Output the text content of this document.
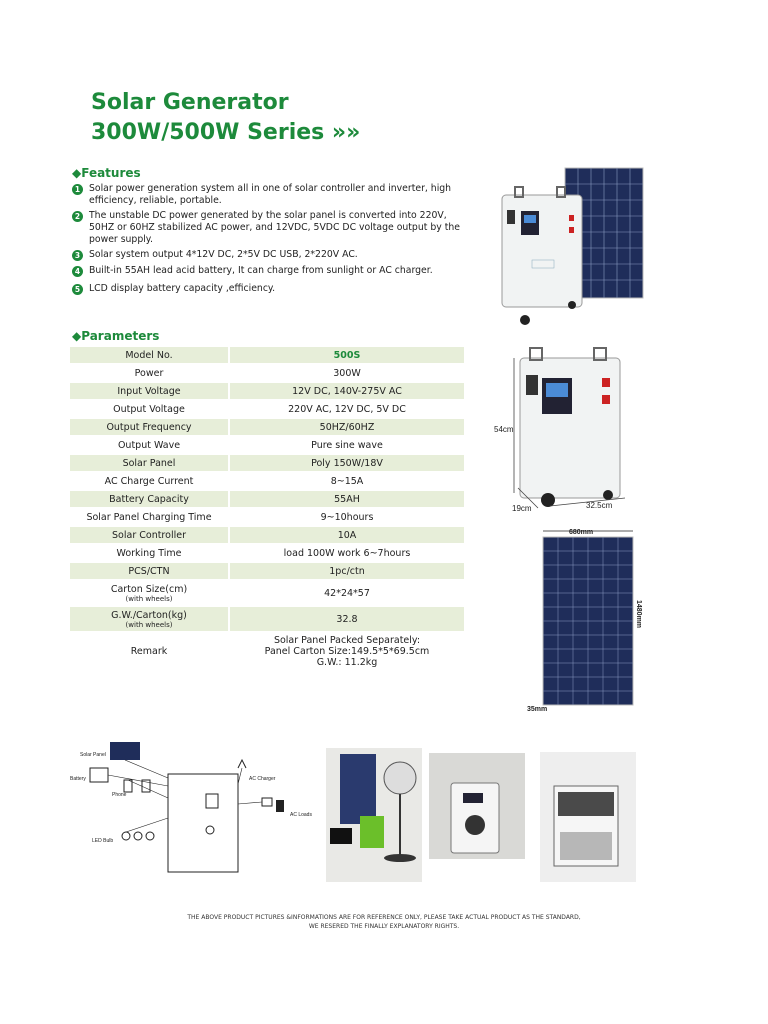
Solar Generator
300W/500W Series »»
◆Features
1 Solar power generation system all in one of solar controller and inverter, high efficiency, reliable, portable.
2 The unstable DC power generated by the solar panel is converted into 220V, 50HZ or 60HZ stabilized AC power, and 12VDC, 5VDC DC voltage output by the power supply.
3 Solar system output 4*12V DC, 2*5V DC USB, 2*220V AC.
4 Built-in 55AH lead acid battery, It can charge from sunlight or AC charger.
5 LCD display battery capacity ,efficiency.
◆Parameters
Model No.	500S
Power	300W
Input Voltage	12V DC, 140V-275V AC
Output Voltage	220V AC, 12V DC, 5V DC
Output Frequency	50HZ/60HZ
Output Wave	Pure sine wave
Solar Panel	Poly 150W/18V
AC Charge Current	8~15A
Battery Capacity	55AH
Solar Panel Charging Time	9~10hours
Solar Controller	10A
Working Time	load 100W work 6~7hours
PCS/CTN	1pc/ctn
Carton Size(cm)
(with wheels)	42*24*57
G.W./Carton(kg)
(with wheels)	32.8
Remark	Solar Panel Packed Separately:
Panel Carton Size:149.5*5*69.5cm
G.W.: 11.2kg
54cm
19cm	32.5cm
680mm
1480mm
35mm
Solar Panel
Battery
Phone
AC Charger
AC Loads
LED Bulb
THE ABOVE PRODUCT PICTURES &INFORMATIONS ARE FOR REFERENCE ONLY, PLEASE TAKE ACTUAL PRODUCT AS THE STANDARD,
WE RESERED THE FINALLY EXPLANATORY RIGHTS.
